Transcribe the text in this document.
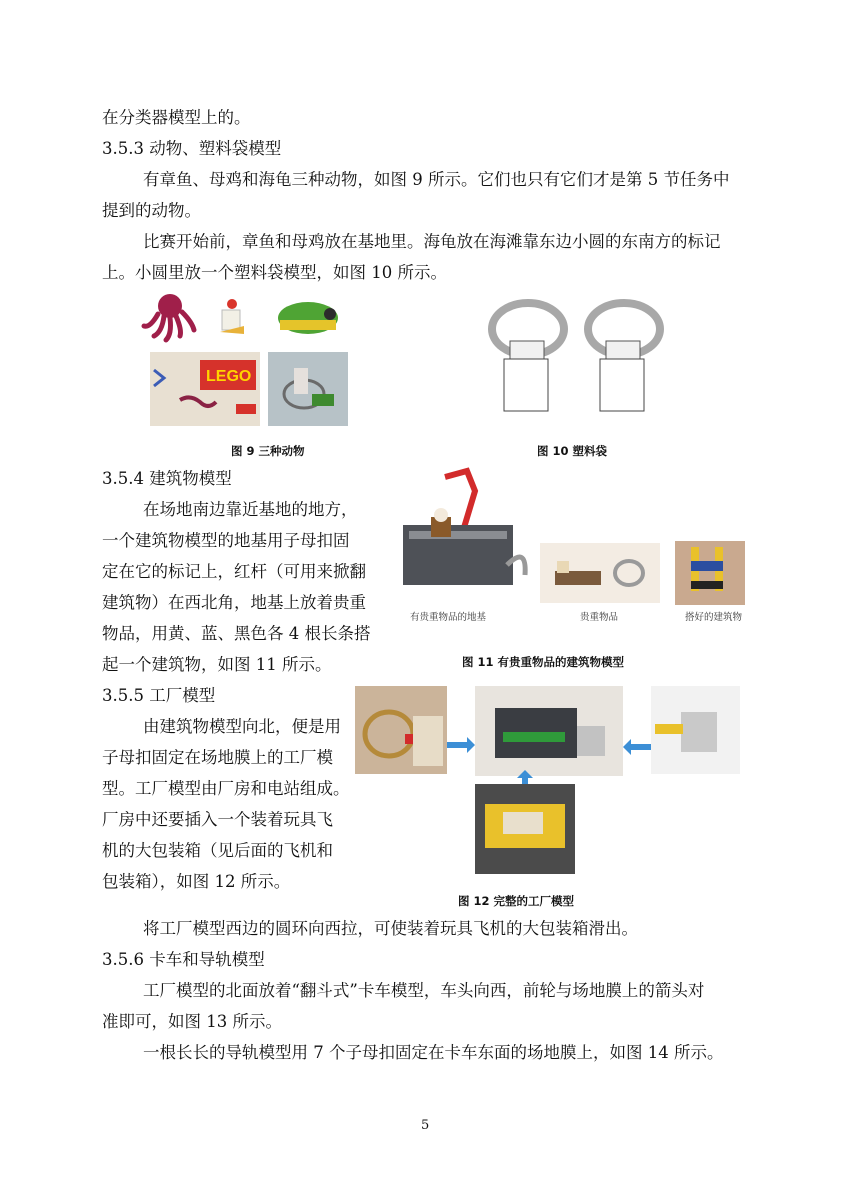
在分类器模型上的。
3.5.3 动物、塑料袋模型
有章鱼、母鸡和海龟三种动物，如图 9 所示。它们也只有它们才是第 5 节任务中
提到的动物。
比赛开始前，章鱼和母鸡放在基地里。海龟放在海滩靠东边小圆的东南方的标记
上。小圆里放一个塑料袋模型，如图 10 所示。
LEGO
图 9 三种动物	图 10 塑料袋
3.5.4 建筑物模型
在场地南边靠近基地的地方，
一个建筑物模型的地基用子母扣固
定在它的标记上，红杆（可用来掀翻
建筑物）在西北角，地基上放着贵重
物品，用黄、蓝、黑色各 4 根长条搭
起一个建筑物，如图 11 所示。
有贵重物品的地基	贵重物品	搭好的建筑物
图 11 有贵重物品的建筑物模型
3.5.5 工厂模型
由建筑物模型向北，便是用
子母扣固定在场地膜上的工厂模
型。工厂模型由厂房和电站组成。
厂房中还要插入一个装着玩具飞
机的大包装箱（见后面的飞机和
包装箱），如图 12 所示。
图 12 完整的工厂模型
将工厂模型西边的圆环向西拉，可使装着玩具飞机的大包装箱滑出。
3.5.6 卡车和导轨模型
工厂模型的北面放着“翻斗式”卡车模型，车头向西，前轮与场地膜上的箭头对
准即可，如图 13 所示。
一根长长的导轨模型用 7 个子母扣固定在卡车东面的场地膜上，如图 14 所示。
5
